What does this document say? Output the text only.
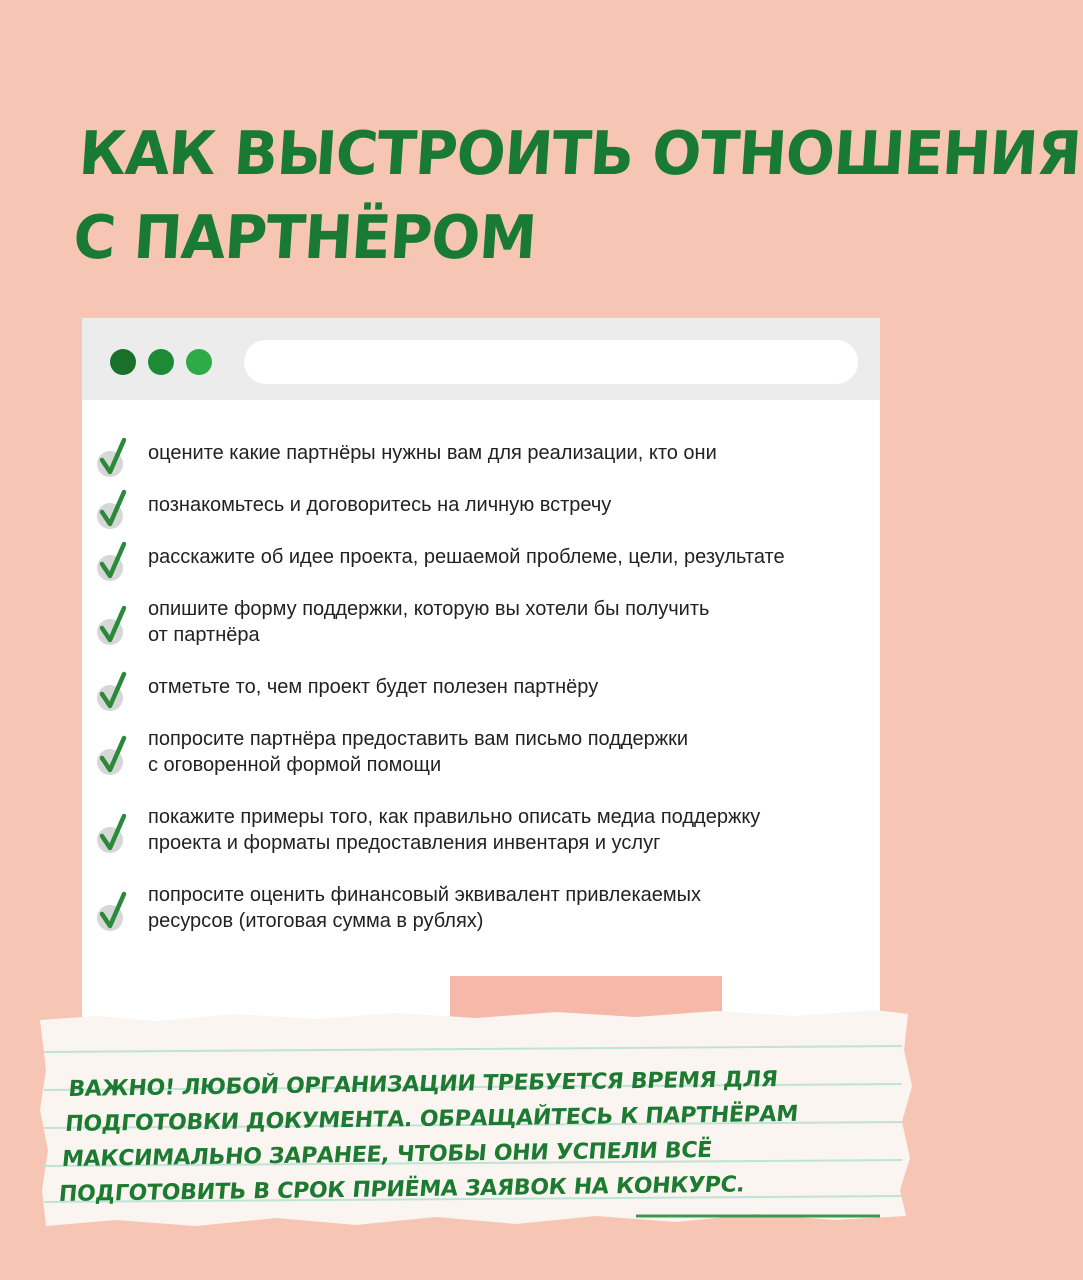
КАК ВЫСТРОИТЬ ОТНОШЕНИЯ
С ПАРТНЁРОМ
оцените какие партнёры нужны вам для реализации, кто они
познакомьтесь и договоритесь на личную встречу
расскажите об идее проекта, решаемой проблеме, цели, результате
опишите форму поддержки, которую вы хотели бы получить
от партнёра
отметьте то, чем проект будет полезен партнёру
попросите партнёра предоставить вам письмо поддержки
с оговоренной формой помощи
покажите примеры того, как правильно описать медиа поддержку
проекта и форматы предоставления инвентаря и услуг
попросите оценить финансовый эквивалент привлекаемых
ресурсов (итоговая сумма в рублях)
ВАЖНО! ЛЮБОЙ ОРГАНИЗАЦИИ ТРЕБУЕТСЯ ВРЕМЯ ДЛЯ ПОДГОТОВКИ ДОКУМЕНТА. ОБРАЩАЙТЕСЬ К ПАРТНЁРАМ МАКСИМАЛЬНО ЗАРАНЕЕ, ЧТОБЫ ОНИ УСПЕЛИ ВСЁ ПОДГОТОВИТЬ В СРОК ПРИЁМА ЗАЯВОК НА КОНКУРС.
